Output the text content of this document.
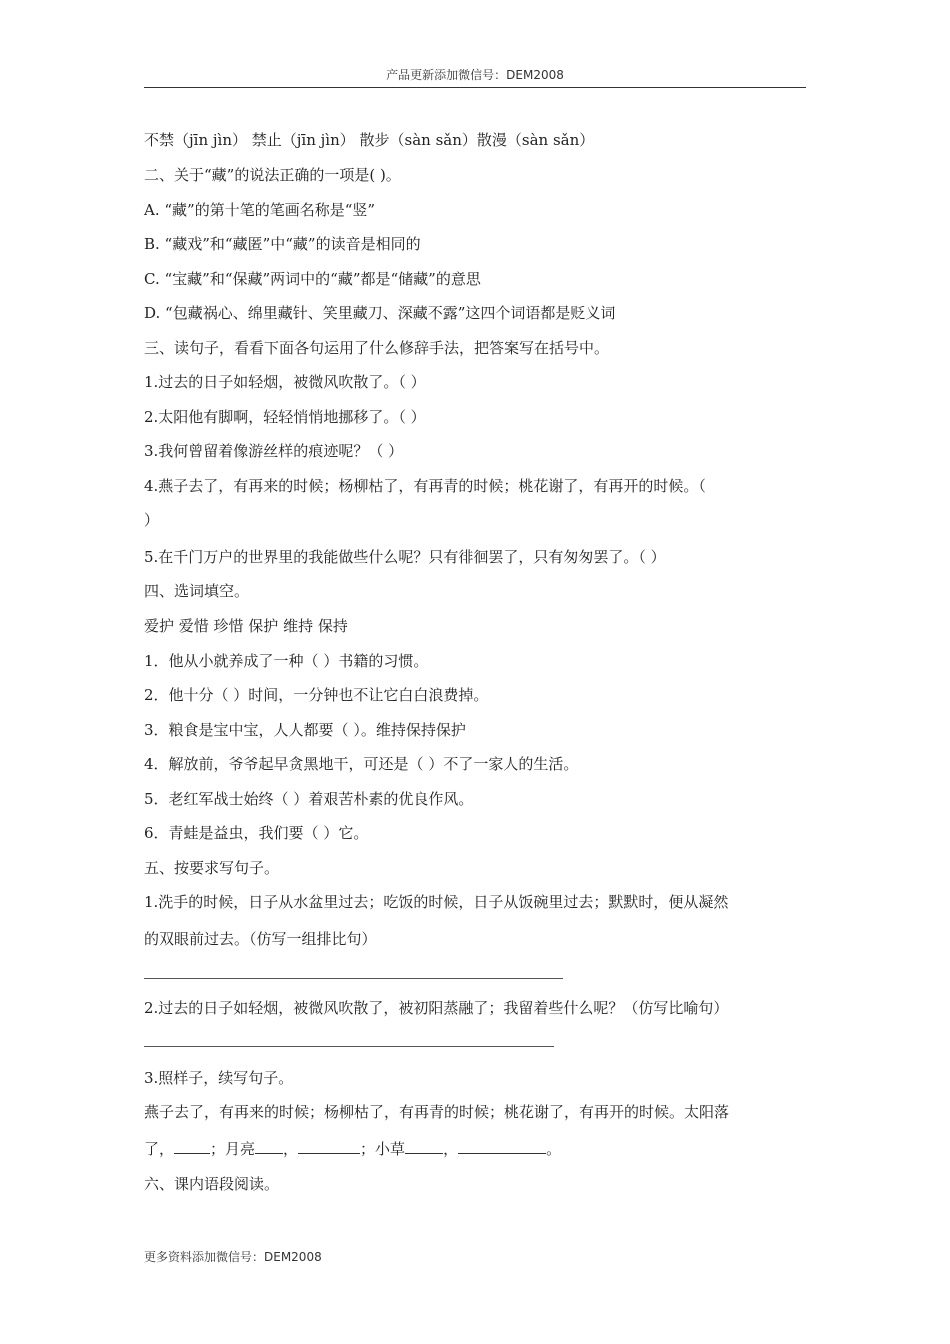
产品更新添加微信号：DEM2008
不禁（jīn jìn） 禁止（jīn jìn） 散步（sàn sǎn）散漫（sàn sǎn）
二、关于“藏”的说法正确的一项是( )。
A. “藏”的第十笔的笔画名称是“竖”
B. “藏戏”和“藏匿”中“藏”的读音是相同的
C. “宝藏”和“保藏”两词中的“藏”都是“储藏”的意思
D. “包藏祸心、绵里藏针、笑里藏刀、深藏不露”这四个词语都是贬义词
三、读句子，看看下面各句运用了什么修辞手法，把答案写在括号中。
1.过去的日子如轻烟，被微风吹散了。（ ）
2.太阳他有脚啊，轻轻悄悄地挪移了。（ ）
3.我何曾留着像游丝样的痕迹呢？（ ）
4.燕子去了，有再来的时候；杨柳枯了，有再青的时候；桃花谢了，有再开的时候。（
）
5.在千门万户的世界里的我能做些什么呢？只有徘徊罢了，只有匆匆罢了。（ ）
四、选词填空。
爱护 爱惜 珍惜 保护 维持 保持
1．他从小就养成了一种（ ）书籍的习惯。
2．他十分（ ）时间，一分钟也不让它白白浪费掉。
3．粮食是宝中宝，人人都要（ ）。维持保持保护
4．解放前，爷爷起早贪黑地干，可还是（ ）不了一家人的生活。
5．老红军战士始终（ ）着艰苦朴素的优良作风。
6．青蛙是益虫，我们要（ ）它。
五、按要求写句子。
1.洗手的时候，日子从水盆里过去；吃饭的时候，日子从饭碗里过去；默默时，便从凝然
的双眼前过去。（仿写一组排比句）
2.过去的日子如轻烟，被微风吹散了，被初阳蒸融了；我留着些什么呢？（仿写比喻句）
3.照样子，续写句子。
燕子去了，有再来的时候；杨柳枯了，有再青的时候；桃花谢了，有再开的时候。太阳落
了， ；月亮 ，	；小草	，	。
六、课内语段阅读。
更多资料添加微信号：DEM2008
